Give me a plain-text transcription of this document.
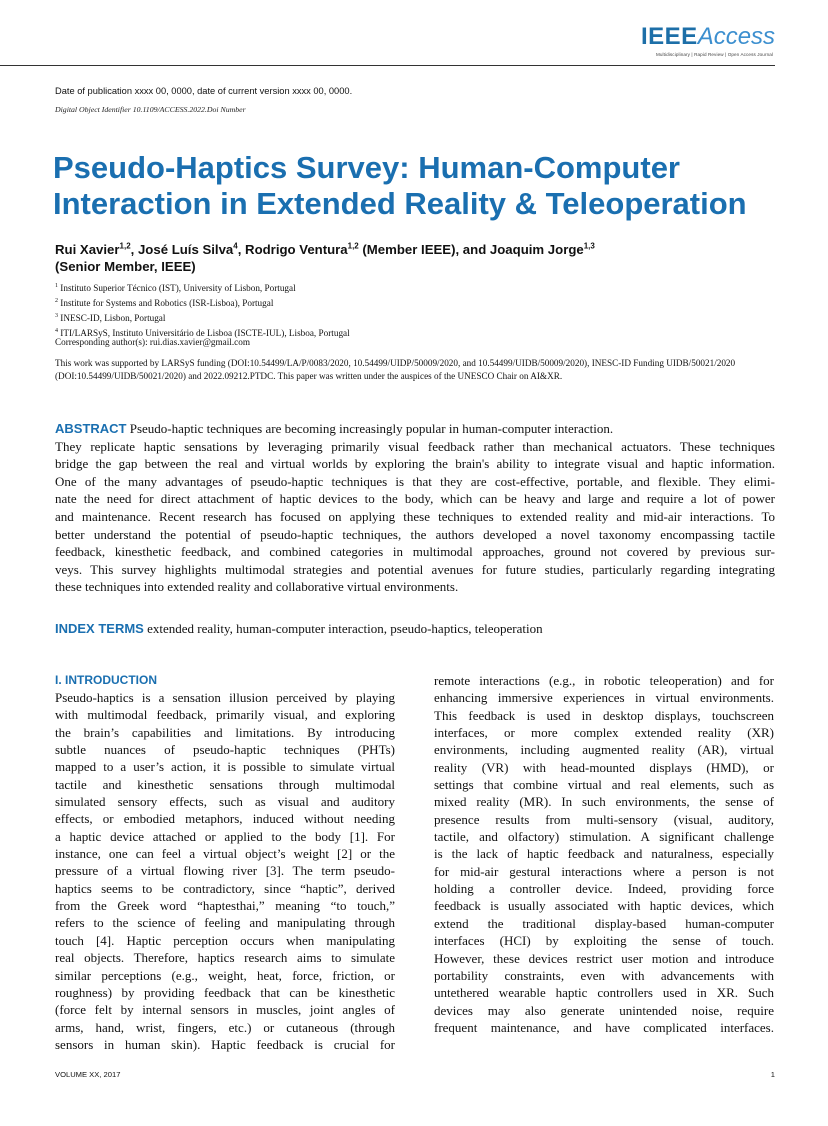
IEEEAccess
Multidisciplinary | Rapid Review | Open Access Journal
Date of publication xxxx 00, 0000, date of current version xxxx 00, 0000.
Digital Object Identifier 10.1109/ACCESS.2022.Doi Number
Pseudo-Haptics Survey: Human-Computer Interaction in Extended Reality & Teleoperation
Rui Xavier$^{1,2}$, José Luís Silva$^4$, Rodrigo Ventura$^{1,2}$ (Member IEEE), and Joaquim Jorge$^{1,3}$
(Senior Member, IEEE)
$^1$ Instituto Superior Técnico (IST), University of Lisbon, Portugal
$^2$ Institute for Systems and Robotics (ISR-Lisboa), Portugal
$^3$ INESC-ID, Lisbon, Portugal
$^4$ ITI/LARSyS, Instituto Universitário de Lisboa (ISCTE-IUL), Lisboa, Portugal
Corresponding author(s): rui.dias.xavier@gmail.com
This work was supported by LARSyS funding (DOI:10.54499/LA/P/0083/2020, 10.54499/UIDP/50009/2020, and 10.54499/UIDB/50009/2020), INESC-ID Funding UIDB/50021/2020 (DOI:10.54499/UIDB/50021/2020) and 2022.09212.PTDC. This paper was written under the auspices of the UNESCO Chair on AI&XR.
ABSTRACT Pseudo-haptic techniques are becoming increasingly popular in human-computer interaction.
They replicate haptic sensations by leveraging primarily visual feedback rather than mechanical actuators. These techniques
bridge the gap between the real and virtual worlds by exploring the brain's ability to integrate visual and haptic information.
One of the many advantages of pseudo-haptic techniques is that they are cost-effective, portable, and flexible. They elimi-
nate the need for direct attachment of haptic devices to the body, which can be heavy and large and require a lot of power
and maintenance. Recent research has focused on applying these techniques to extended reality and mid-air interactions. To
better understand the potential of pseudo-haptic techniques, the authors developed a novel taxonomy encompassing tactile
feedback, kinesthetic feedback, and combined categories in multimodal approaches, ground not covered by previous sur-
veys. This survey highlights multimodal strategies and potential avenues for future studies, particularly regarding integrating
these techniques into extended reality and collaborative virtual environments.
INDEX TERMS extended reality, human-computer interaction, pseudo-haptics, teleoperation
I. INTRODUCTION
Pseudo-haptics is a sensation illusion perceived by playing
with multimodal feedback, primarily visual, and exploring
the brain’s capabilities and limitations. By introducing
subtle nuances of pseudo-haptic techniques (PHTs)
mapped to a user’s action, it is possible to simulate virtual
tactile and kinesthetic sensations through multimodal
simulated sensory effects, such as visual and auditory
effects, or embodied metaphors, induced without needing
a haptic device attached or applied to the body [1]. For
instance, one can feel a virtual object’s weight [2] or the
pressure of a virtual flowing river [3]. The term pseudo-
haptics seems to be contradictory, since “haptic”, derived
from the Greek word “haptesthai,” meaning “to touch,”
refers to the science of feeling and manipulating through
touch [4]. Haptic perception occurs when manipulating
real objects. Therefore, haptics research aims to simulate
similar perceptions (e.g., weight, heat, force, friction, or
roughness) by providing feedback that can be kinesthetic
(force felt by internal sensors in muscles, joint angles of
arms, hand, wrist, fingers, etc.) or cutaneous (through
sensors in human skin). Haptic feedback is crucial for
remote interactions (e.g., in robotic teleoperation) and for
enhancing immersive experiences in virtual environments.
This feedback is used in desktop displays, touchscreen
interfaces, or more complex extended reality (XR)
environments, including augmented reality (AR), virtual
reality (VR) with head-mounted displays (HMD), or
settings that combine virtual and real elements, such as
mixed reality (MR). In such environments, the sense of
presence results from multi-sensory (visual, auditory,
tactile, and olfactory) stimulation. A significant challenge
is the lack of haptic feedback and naturalness, especially
for mid-air gestural interactions where a person is not
holding a controller device. Indeed, providing force
feedback is usually associated with haptic devices, which
extend the traditional display-based human-computer
interfaces (HCI) by exploiting the sense of touch.
However, these devices restrict user motion and introduce
portability constraints, even with advancements with
untethered wearable haptic controllers used in XR. Such
devices may also generate unintended noise, require
frequent maintenance, and have complicated interfaces.
VOLUME XX, 2017	1
